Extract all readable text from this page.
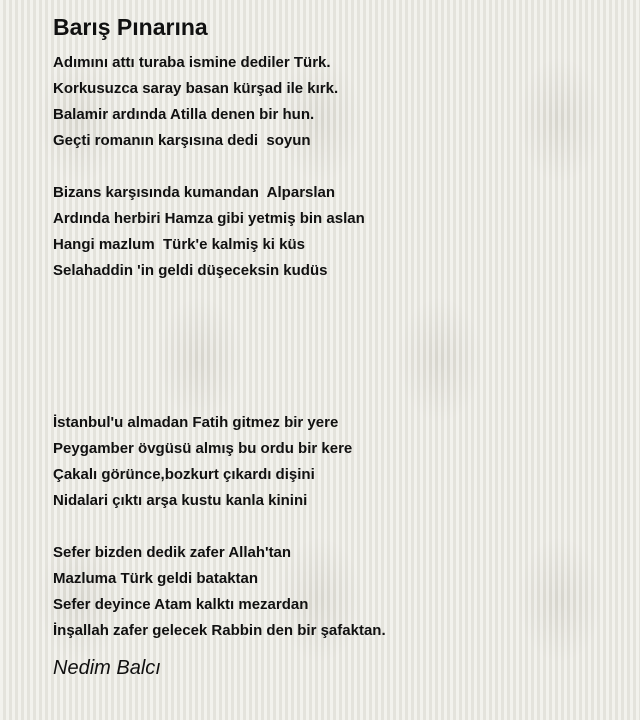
Barış Pınarına
Adımını attı turaba ismine dediler Türk.
Korkusuzca saray basan kürşad ile kırk.
Balamir ardında Atilla denen bir hun.
Geçti romanın karşısına dedi  soyun
Bizans karşısında kumandan  Alparslan
Ardında herbiri Hamza gibi yetmiş bin aslan
Hangi mazlum  Türk'e kalmiş ki küs
Selahaddin 'in geldi düşeceksin kudüs
İstanbul'u almadan Fatih gitmez bir yere
Peygamber övgüsü almış bu ordu bir kere
Çakalı görünce,bozkurt çıkardı dişini
Nidalari çıktı arşa kustu kanla kinini
Sefer bizden dedik zafer Allah'tan
Mazluma Türk geldi bataktan
Sefer deyince Atam kalktı mezardan
İnşallah zafer gelecek Rabbin den bir şafaktan.
Nedim Balcı
